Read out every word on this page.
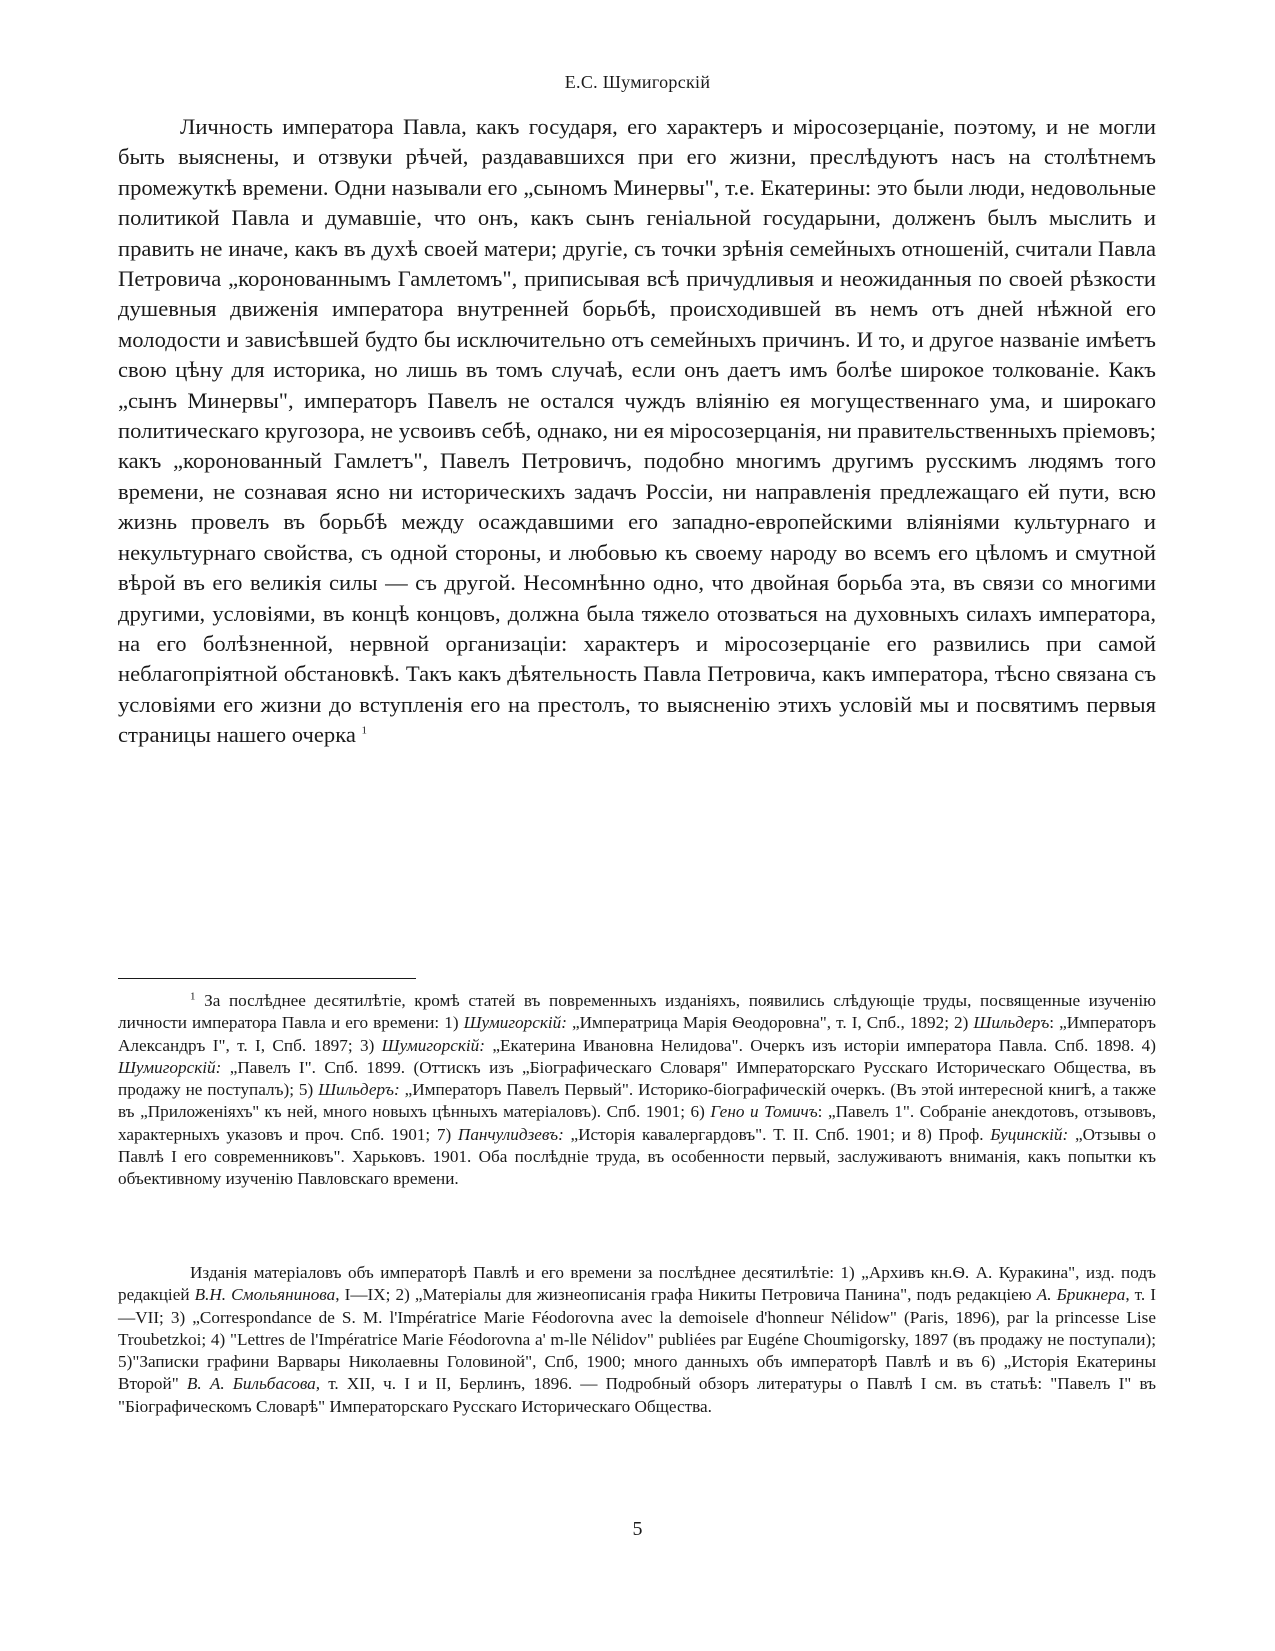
Е.С. Шумигорскій

Личность императора Павла, какъ государя, его характеръ и міросозерцаніе, поэтому, и не могли быть выяснены, и отзвуки рѣчей, раздававшихся при его жизни, преслѣдуютъ насъ на столѣтнемъ промежуткѣ времени. Одни называли его „сыномъ Минервы", т.е. Екатерины: это были люди, недовольные политикой Павла и думавшіе, что онъ, какъ сынъ геніальной государыни, долженъ былъ мыслить и править не иначе, какъ въ духѣ своей матери; другіе, съ точки зрѣнія семейныхъ отношеній, считали Павла Петровича „коронованнымъ Гамлетомъ", приписывая всѣ причудливыя и неожиданныя по своей рѣзкости душевныя движенія императора внутренней борьбѣ, происходившей въ немъ отъ дней нѣжной его молодости и зависѣвшей будто бы исключительно отъ семейныхъ причинъ. И то, и другое названіе имѣетъ свою цѣну для историка, но лишь въ томъ случаѣ, если онъ даетъ имъ болѣе широкое толкованіе. Какъ „сынъ Минервы", императоръ Павелъ не остался чуждъ вліянію ея могущественнаго ума, и широкаго политическаго кругозора, не усвоивъ себѣ, однако, ни ея міросозерцанія, ни правительственныхъ пріемовъ; какъ „коронованный Гамлетъ", Павелъ Петровичъ, подобно многимъ другимъ русскимъ людямъ того времени, не сознавая ясно ни историческихъ задачъ Россіи, ни направленія предлежащаго ей пути, всю жизнь провелъ въ борьбѣ между осаждавшими его западно-европейскими вліяніями культурнаго и некультурнаго свойства, съ одной стороны, и любовью къ своему народу во всемъ его цѣломъ и смутной вѣрой въ его великія силы — съ другой. Несомнѣнно одно, что двойная борьба эта, въ связи со многими другими, условіями, въ концѣ концовъ, должна была тяжело отозваться на духовныхъ силахъ императора, на его болѣзненной, нервной организаціи: характеръ и міросозерцаніе его развились при самой неблагопріятной обстановкѣ. Такъ какъ дѣятельность Павла Петровича, какъ императора, тѣсно связана съ условіями его жизни до вступленія его на престолъ, то выясненію этихъ условій мы и посвятимъ первыя страницы нашего очерка $^1$

$^1$ За послѣднее десятилѣтіе, кромѣ статей въ повременныхъ изданіяхъ, появились слѣдующіе труды, посвященные изученію личности императора Павла и его времени: 1) Шумигорскій: „Императрица Марія Ѳеодоровна", т. I, Спб., 1892; 2) Шильдеръ: „Императоръ Александръ I", т. I, Спб. 1897; 3) Шумигорскій: „Екатерина Ивановна Нелидова". Очеркъ изъ исторіи императора Павла. Спб. 1898. 4) Шумигорскій: „Павелъ I". Спб. 1899. (Оттискъ изъ „Біографическаго Словаря" Императорскаго Русскаго Историческаго Общества, въ продажу не поступалъ); 5) Шильдеръ: „Императоръ Павелъ Первый". Историко-біографическій очеркъ. (Въ этой интересной книгѣ, а также въ „Приложеніяхъ'' къ ней, много новыхъ цѣнныхъ матеріаловъ). Спб. 1901; 6) Гено и Томичъ: „Павелъ 1". Собраніе анекдотовъ, отзывовъ, характерныхъ указовъ и проч. Спб. 1901; 7) Панчулидзевъ: „Исторія кавалергардовъ". Т. II. Спб. 1901; и 8) Проф. Буцинскій: „Отзывы о Павлѣ I его современниковъ". Харьковъ. 1901. Оба послѣдніе труда, въ особенности первый, заслуживаютъ вниманія, какъ попытки къ объективному изученію Павловскаго времени.

Изданія матеріаловъ объ императорѣ Павлѣ и его времени за послѣднее десятилѣтіе: 1) „Архивъ кн.Ѳ. А. Куракина", изд. подъ редакціей В.Н. Смольянинова, I—IX; 2) „Матеріалы для жизнеописанія графа Никиты Петровича Панина", подъ редакціею А. Брикнера, т. I—VII; 3) „Correspondance de S. M. l'Impératrice Marie Féodorovna avec la demoisele d'honneur Nélidow" (Paris, 1896), par la princesse Lise Troubetzkoi; 4) "Lettres de l'Impératrice Marie Féodorovna a' m-lle Nélidov" publiées par Eugéne Choumigorsky, 1897 (въ продажу не поступали); 5)"Записки графини Варвары Николаевны Головиной", Спб, 1900; много данныхъ объ императорѣ Павлѣ и въ 6) „Исторія Екатерины Второй" В. А. Бильбасова, т. XII, ч. I и II, Берлинъ, 1896. — Подробный обзоръ литературы о Павлѣ I см. въ статьѣ: "Павелъ I" въ "Біографическомъ Словарѣ" Императорскаго Русскаго Историческаго Общества.

5
